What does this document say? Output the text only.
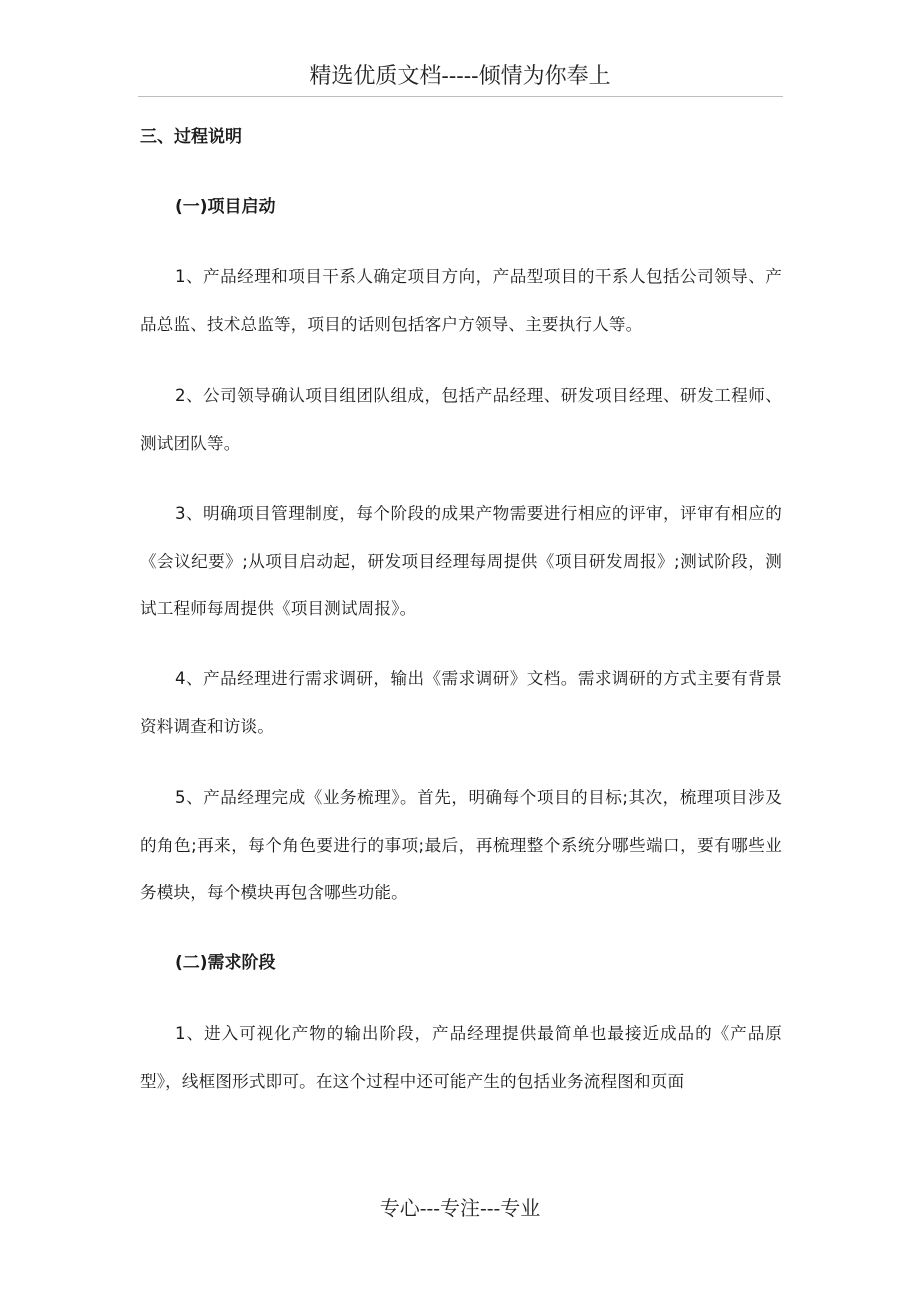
精选优质文档-----倾情为你奉上
三、过程说明
(一)项目启动

1、产品经理和项目干系人确定项目方向，产品型项目的干系人包括公司领导、产品总监、技术总监等，项目的话则包括客户方领导、主要执行人等。

2、公司领导确认项目组团队组成，包括产品经理、研发项目经理、研发工程师、测试团队等。

3、明确项目管理制度，每个阶段的成果产物需要进行相应的评审，评审有相应的《会议纪要》;从项目启动起，研发项目经理每周提供《项目研发周报》;测试阶段，测试工程师每周提供《项目测试周报》。

4、产品经理进行需求调研，输出《需求调研》文档。需求调研的方式主要有背景资料调查和访谈。

5、产品经理完成《业务梳理》。首先，明确每个项目的目标;其次，梳理项目涉及的角色;再来，每个角色要进行的事项;最后，再梳理整个系统分哪些端口，要有哪些业务模块，每个模块再包含哪些功能。

(二)需求阶段

1、进入可视化产物的输出阶段，产品经理提供最简单也最接近成品的《产品原型》，线框图形式即可。在这个过程中还可能产生的包括业务流程图和页面

专心---专注---专业
